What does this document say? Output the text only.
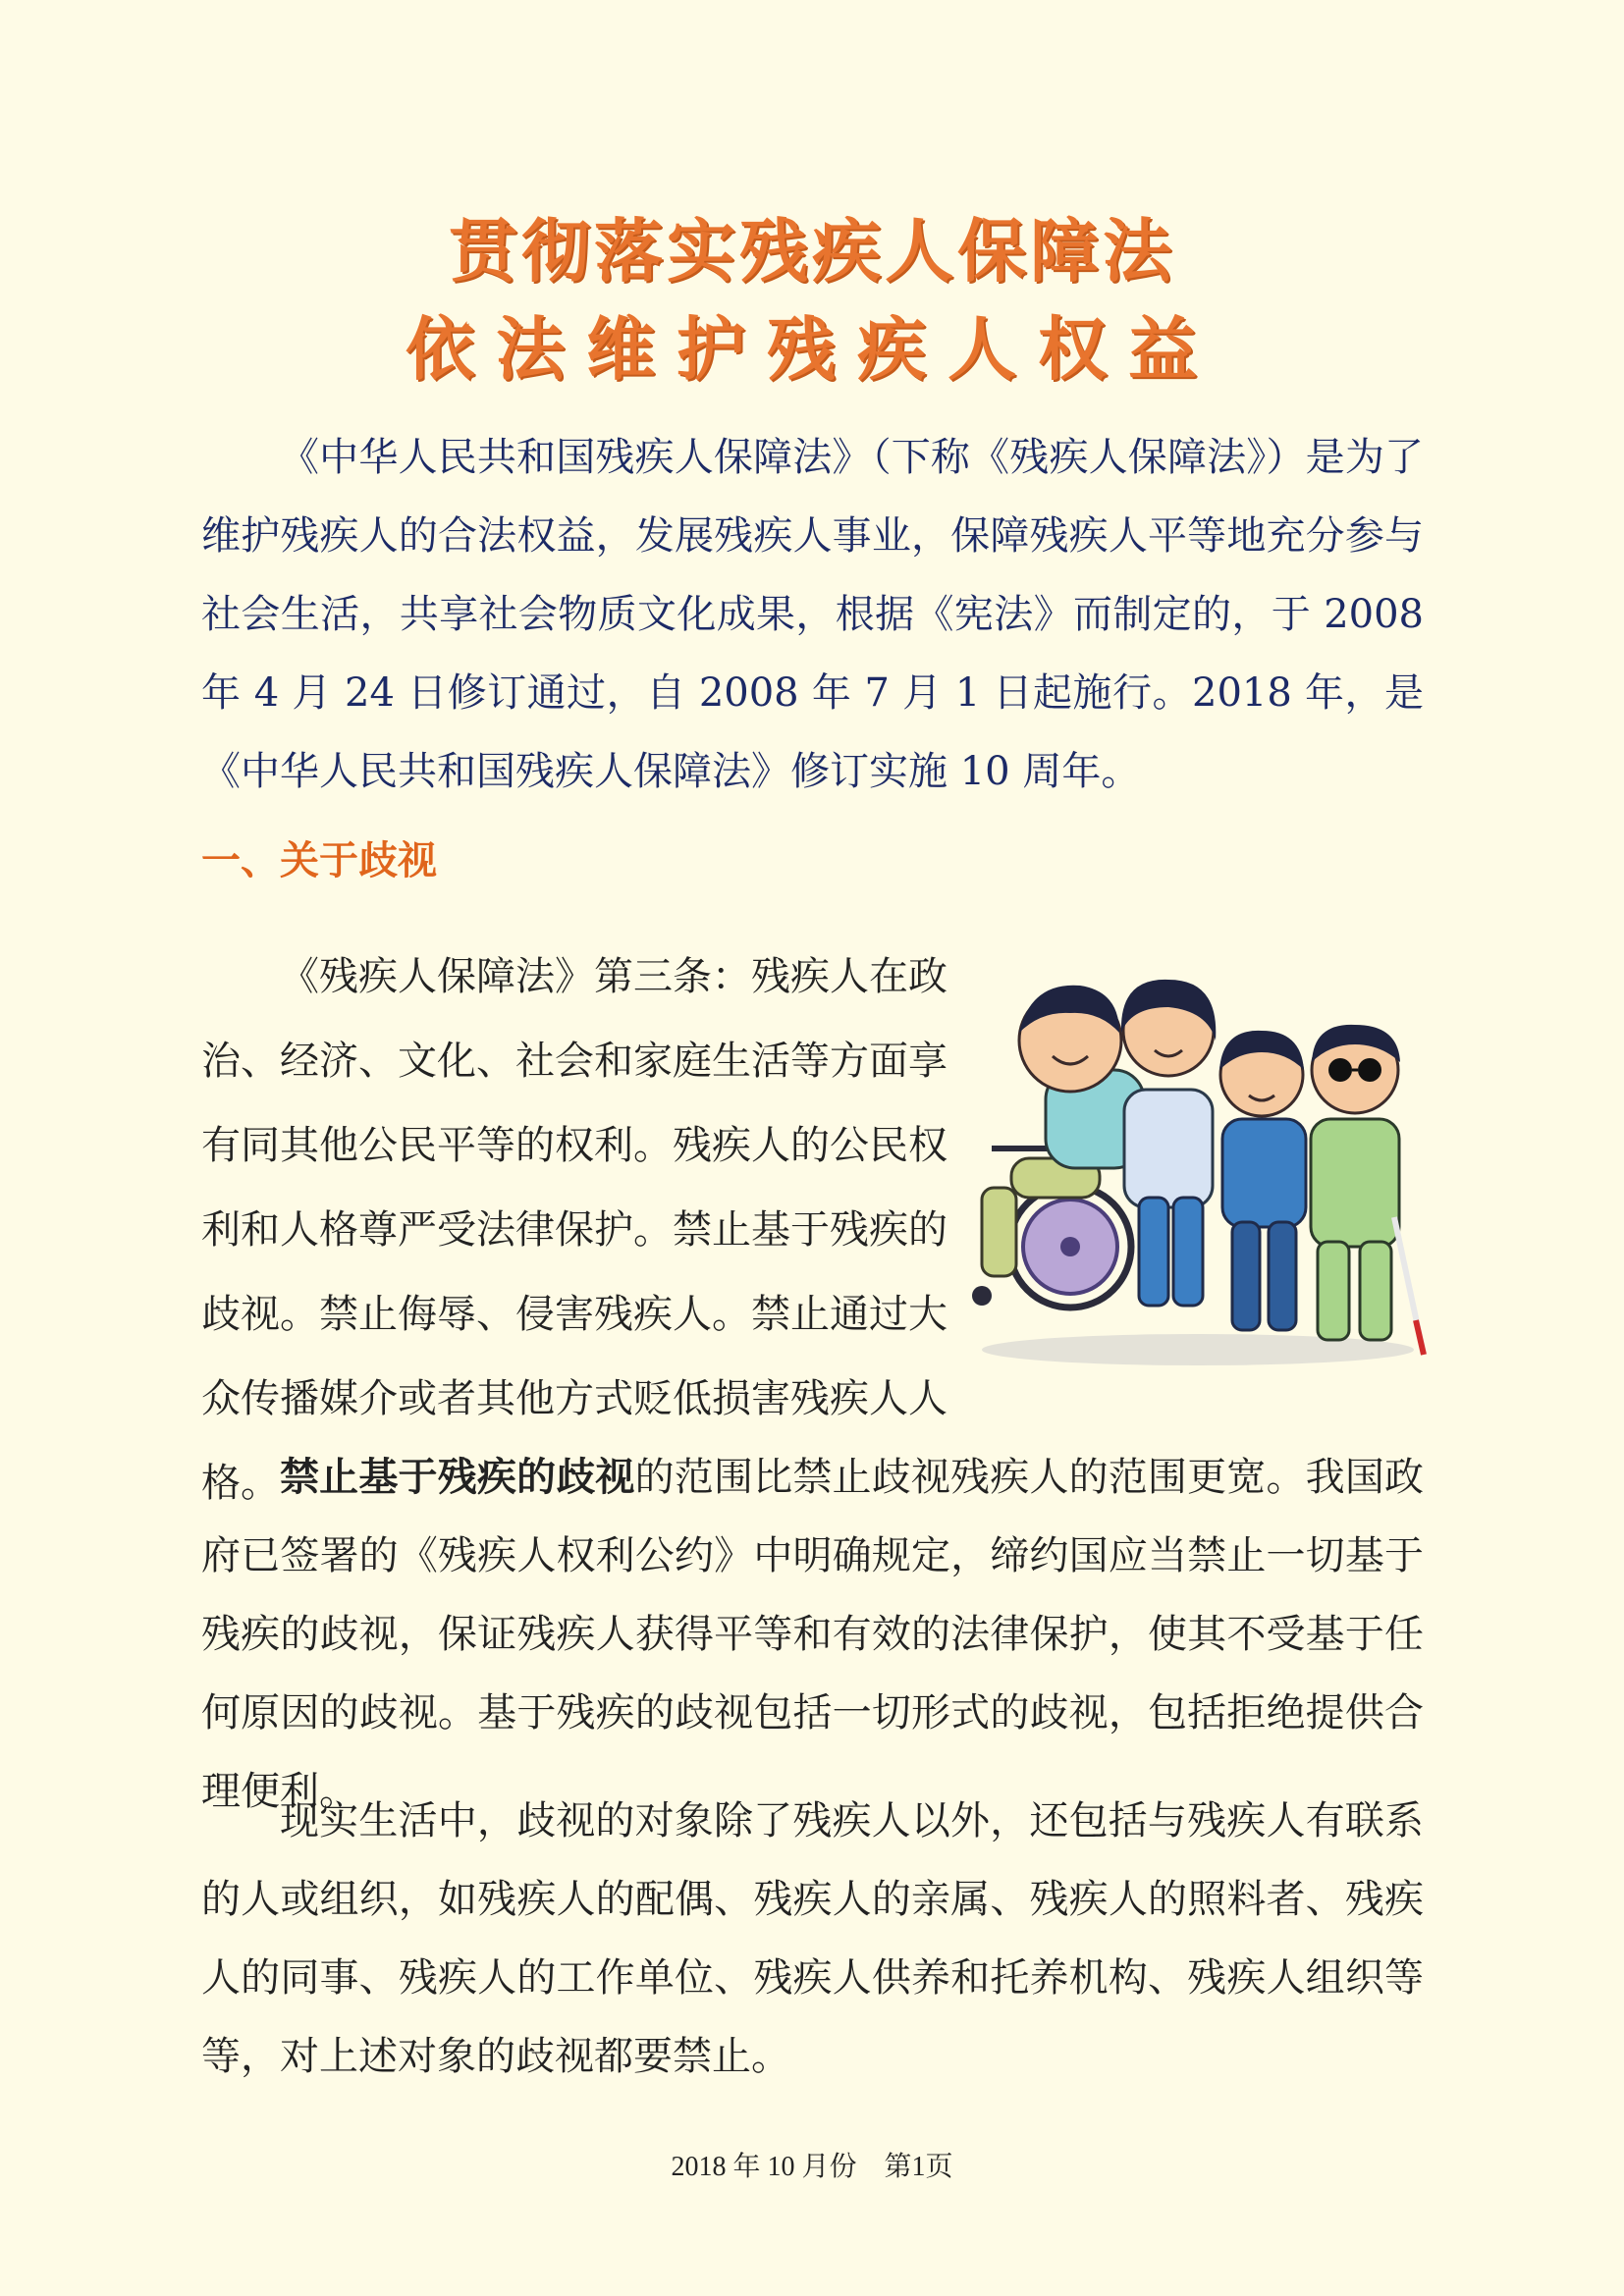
贯彻落实残疾人保障法
依法维护残疾人权益

《中华人民共和国残疾人保障法》（下称《残疾人保障法》）是为了维护残疾人的合法权益，发展残疾人事业，保障残疾人平等地充分参与社会生活，共享社会物质文化成果，根据《宪法》而制定的，于 2008 年 4 月 24 日修订通过，自 2008 年 7 月 1 日起施行。2018 年，是《中华人民共和国残疾人保障法》修订实施 10 周年。

一、关于歧视

《残疾人保障法》第三条：残疾人在政治、经济、文化、社会和家庭生活等方面享有同其他公民平等的权利。残疾人的公民权利和人格尊严受法律保护。禁止基于残疾的歧视。禁止侮辱、侵害残疾人。禁止通过大众传播媒介或者其他方式贬低损害残疾人人格。 禁止基于残疾的歧视的范围比禁止歧视残疾人的范围更宽。我国政府已签署的《残疾人权利公约》中明确规定，缔约国应当禁止一切基于残疾的歧视，保证残疾人获得平等和有效的法律保护，使其不受基于任何原因的歧视。基于残疾的歧视包括一切形式的歧视，包括拒绝提供合理便利。

现实生活中，歧视的对象除了残疾人以外，还包括与残疾人有联系的人或组织，如残疾人的配偶、残疾人的亲属、残疾人的照料者、残疾人的同事、残疾人的工作单位、残疾人供养和托养机构、残疾人组织等等，对上述对象的歧视都要禁止。

2018 年 10 月份    第1页
